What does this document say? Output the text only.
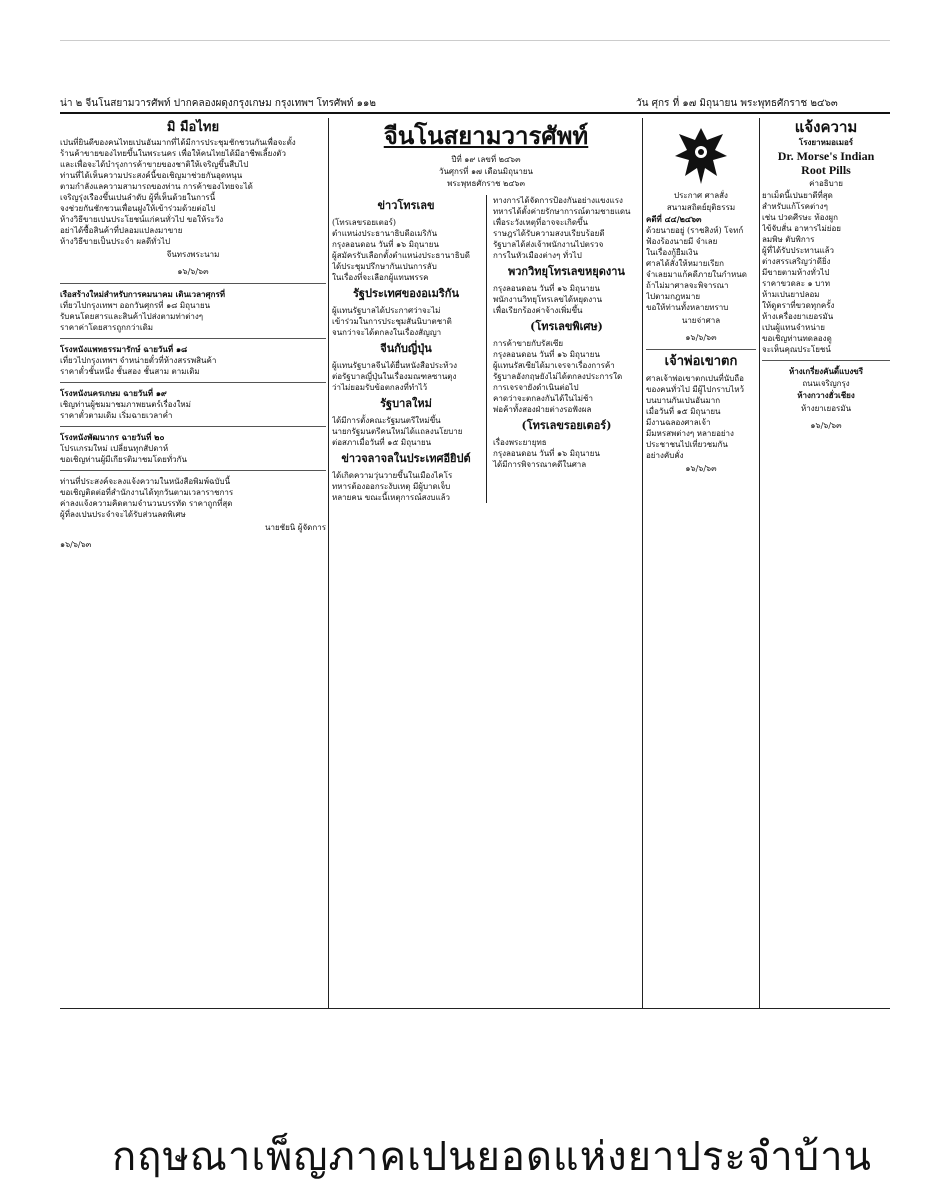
น่า ๒ จีนโนสยามวารศัพท์ ปากคลองผดุงกรุงเกษม กรุงเทพฯ โทรศัพท์ ๑๑๒	วัน ศุกร ที่ ๑๗ มิถุนายน พระพุทธศักราช ๒๔๖๓
มิ มือไทย
เปนที่ยินดีของคนไทยเปนอันมากที่ได้มีการประชุมชักชวนกันเพื่อจะตั้ง
ร้านค้าขายของไทยขึ้นในพระนคร เพื่อให้คนไทยได้มีอาชีพเลี้ยงตัว
และเพื่อจะได้บำรุงการค้าขายของชาติให้เจริญขึ้นสืบไป
ท่านที่ได้เห็นความประสงค์นี้ขอเชิญมาช่วยกันอุดหนุน
ตามกำลังแลความสามารถของท่าน การค้าของไทยจะได้
เจริญรุ่งเรืองขึ้นเปนลำดับ ผู้ที่เห็นด้วยในการนี้
จงช่วยกันชักชวนเพื่อนฝูงให้เข้าร่วมด้วยต่อไป
ห้างวิธีขายเปนประโยชน์แก่คนทั่วไป ขอให้ระวัง
อย่าได้ซื้อสินค้าที่ปลอมแปลงมาขาย
ห้างวิธีขายเป็นประจำ ผลดีทั่วไป
จีนทรงพระนาม
๑๖/๖/๖๓
เรือสร้างใหม่สำหรับการคมนาคม เดินเวลาศุกรที่
เที่ยวไปกรุงเทพฯ ออกวันศุกรที่ ๑๘ มิถุนายน
รับคนโดยสารและสินค้าไปส่งตามท่าต่างๆ
ราคาค่าโดยสารถูกกว่าเดิม
โรงหนังแพทธรรมารักษ์ ฉายวันที่ ๑๘
เที่ยวไปกรุงเทพฯ จำหน่ายตั๋วที่ห้างสรรพสินค้า
ราคาตั๋วชั้นหนึ่ง ชั้นสอง ชั้นสาม ตามเดิม
โรงหนังนครเกษม ฉายวันที่ ๑๙
เชิญท่านผู้ชมมาชมภาพยนตร์เรื่องใหม่
ราคาตั๋วตามเดิม เริ่มฉายเวลาค่ำ
โรงหนังพัฒนากร ฉายวันที่ ๒๐
โปรแกรมใหม่ เปลี่ยนทุกสัปดาห์
ขอเชิญท่านผู้มีเกียรติมาชมโดยทั่วกัน
ท่านที่ประสงค์จะลงแจ้งความในหนังสือพิมพ์ฉบับนี้
ขอเชิญติดต่อที่สำนักงานได้ทุกวันตามเวลาราชการ
ค่าลงแจ้งความคิดตามจำนวนบรรทัด ราคาถูกที่สุด
ผู้ที่ลงเปนประจำจะได้รับส่วนลดพิเศษ
นายชัยนิ ผู้จัดการ
๑๖/๖/๖๓
จีนโนสยามวารศัพท์
ปีที่ ๑๙ เลขที่ ๒๔๖๓
วันศุกรที่ ๑๗ เดือนมิถุนายน
พระพุทธศักราช ๒๔๖๓
ข่าวโทรเลข
(โทรเลขรอยเตอร์)
ตำแหน่งประธานาธิบดีอเมริกัน
กรุงลอนดอน วันที่ ๑๖ มิถุนายน
ผู้สมัครรับเลือกตั้งตำแหน่งประธานาธิบดี
ได้ประชุมปรึกษากันเปนการลับ
ในเรื่องที่จะเลือกผู้แทนพรรค
รัฐประเทศของอเมริกัน
ผู้แทนรัฐบาลได้ประกาศว่าจะไม่
เข้าร่วมในการประชุมสันนิบาตชาติ
จนกว่าจะได้ตกลงในเรื่องสัญญา
จีนกับญี่ปุ่น
ผู้แทนรัฐบาลจีนได้ยื่นหนังสือประท้วง
ต่อรัฐบาลญี่ปุ่นในเรื่องมณฑลซานตุง
ว่าไม่ยอมรับข้อตกลงที่ทำไว้
รัฐบาลใหม่
ได้มีการตั้งคณะรัฐมนตรีใหม่ขึ้น
นายกรัฐมนตรีคนใหม่ได้แถลงนโยบาย
ต่อสภาเมื่อวันที่ ๑๕ มิถุนายน
ข่าวจลาจลในประเทศอียิปต์
ได้เกิดความวุ่นวายขึ้นในเมืองไคโร
ทหารต้องออกระงับเหตุ มีผู้บาดเจ็บ
หลายคน ขณะนี้เหตุการณ์สงบแล้ว
ทางการได้จัดการป้องกันอย่างแขงแรง
ทหารได้ตั้งค่ายรักษาการณ์ตามชายแดน
เพื่อระวังเหตุที่อาจจะเกิดขึ้น
ราษฎรได้รับความสงบเรียบร้อยดี
รัฐบาลได้ส่งเจ้าพนักงานไปตรวจ
การในหัวเมืองต่างๆ ทั่วไป
พวกวิทยุโทรเลขหยุดงาน
กรุงลอนดอน วันที่ ๑๖ มิถุนายน
พนักงานวิทยุโทรเลขได้หยุดงาน
เพื่อเรียกร้องค่าจ้างเพิ่มขึ้น
(โทรเลขพิเศษ)
การค้าขายกับรัสเซีย
กรุงลอนดอน วันที่ ๑๖ มิถุนายน
ผู้แทนรัสเซียได้มาเจรจาเรื่องการค้า
รัฐบาลอังกฤษยังไม่ได้ตกลงประการใด
การเจรจายังดำเนินต่อไป
คาดว่าจะตกลงกันได้ในไม่ช้า
พ่อค้าทั้งสองฝ่ายต่างรอฟังผล
(โทรเลขรอยเตอร์)
เรื่องพระยายุทธ
กรุงลอนดอน วันที่ ๑๖ มิถุนายน
ได้มีการพิจารณาคดีในศาล
ประกาศ ศาลสั่ง
สนามสถิตย์ยุติธรรม
คดีที่ ๔๔/๒๔๖๓
ด้วยนายอยู่ (ราชสิงห์) โจทก์
ฟ้องร้องนายมี จำเลย
ในเรื่องกู้ยืมเงิน
ศาลได้สั่งให้หมายเรียก
จำเลยมาแก้คดีภายในกำหนด
ถ้าไม่มาศาลจะพิจารณา
ไปตามกฎหมาย
ขอให้ท่านทั้งหลายทราบ
นายจ่าศาล
๑๖/๖/๖๓
เจ้าพ่อเขาตก
ศาลเจ้าพ่อเขาตกเปนที่นับถือ
ของคนทั่วไป มีผู้ไปกราบไหว้
บนบานกันเปนอันมาก
เมื่อวันที่ ๑๕ มิถุนายน
มีงานฉลองศาลเจ้า
มีมหรสพต่างๆ หลายอย่าง
ประชาชนไปเที่ยวชมกัน
อย่างคับคั่ง
๑๖/๖/๖๓
แจ้งความ
โรงยาหมอเมอร์
Dr. Morse's Indian
Root Pills
ค่าอธิบาย
ยาเม็ดนี้เปนยาดีที่สุด
สำหรับแก้โรคต่างๆ
เช่น ปวดศีรษะ ท้องผูก
ไข้จับสั่น อาหารไม่ย่อย
ลมพิษ ตับพิการ
ผู้ที่ได้รับประทานแล้ว
ต่างสรรเสริญว่าดียิ่ง
มีขายตามห้างทั่วไป
ราคาขวดละ ๑ บาท
ห้ามเปนยาปลอม
ให้ดูตราที่ขวดทุกครั้ง
ห้างเครื่องยาเยอรมัน
เปนผู้แทนจำหน่าย
ขอเชิญท่านทดลองดู
จะเห็นคุณประโยชน์
ห้างเกรี่ยงคันดี้แบงขรี
ถนนเจริญกรุง
ห้างกวางฮั่วเชียง
ห้างยาเยอรมัน
๑๖/๖/๖๓
กฤษณาเพ็ญภาคเปนยอดแห่งยาประจำบ้าน
